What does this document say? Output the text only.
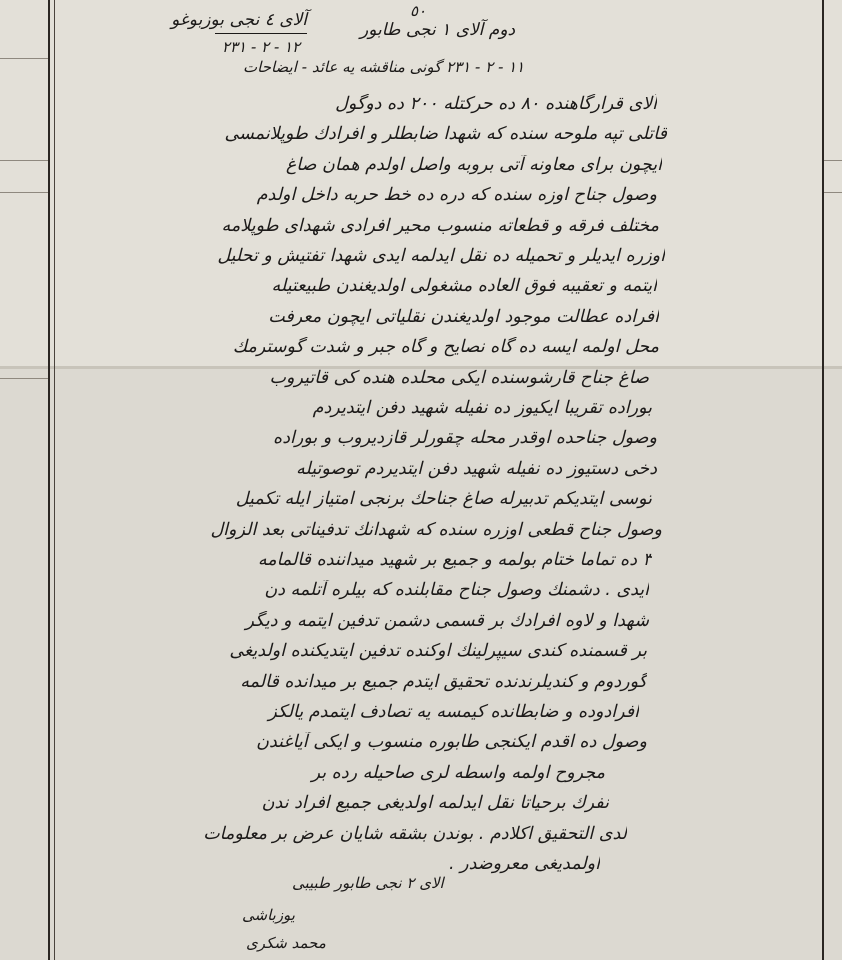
آلای ٤ نجی بوزبوغو
۲۳۱ - ۲ - ۱۲
٥٠
دوم آلای ١ نجی طابور
١١ - ٢ - ٢٣١ گونی مناقشه یه عائد - ایضاحات
آلای قرارگاهنده ۸۰ ده حرکتله ٢٠٠ ده دوگول
قاتلی تپه ملوحه سنده که شهدا ضابطلر و افرادك طوپلانمسی
ایچون برای معاونه آتی بروبه واصل اولدم همان صاغ
وصول جناح اوزه سنده که دره ده خط حربه داخل اولدم
مختلف فرقه و قطعاته منسوب محیر افرادی شهدای طوپلامه
اوزره ایدیلر و تحمیله ده نقل ایدلمه ایدی شهدا تفتیش و تحلیل
ایتمه و تعقیبه فوق العاده مشغولی اولدیغندن طبیعتیله
افراده عطالت موجود اولدیغندن نقلیاتی ایچون معرفت
محل اولمه ایسه ده گاه نصایح و گاه جبر و شدت گوسترمك
صاغ جناح قارشوسنده ایکی محلده هنده کی قاتیروب
بوراده تقریبا ایکیوز ده نفیله شهید دفن ایتدیردم
وصول جناحده اوقدر محله چقورلر قازدیروب و بوراده
دخی دستیوز ده نفیله شهید دفن ایتدیردم توصوتیله
توسی ایتدیکم تدبیرله صاغ جناحك برنجی امتیاز ایله تکمیل
وصول جناح قطعی اوزره سنده که شهدانك تدفیناتی بعد الزوال
۳ ده تماما ختام بولمه و جمیع بر شهید میداننده قالمامه
ایدی . دشمنك وصول جناح مقابلنده که بیلره آتلمه دن
شهدا و لاوه افرادك بر قسمی دشمن تدفین ایتمه و دیگر
بر قسمنده کندی سیپرلینك اوکنده تدفین ایتدیکنده اولدیغی
گوردوم و کندیلرندنده تحقیق ایتدم جمیع بر میدانده قالمه
افرادوده و ضابطانده کیمسه یه تصادف ایتمدم یالکز
وصول ده اقدم ایکنجی طابوره منسوب و ایکی آیاغندن
مجروح اولمه واسطه لری صاحیله رده بر
نفرك برحیاتا نقل ایدلمه اولدیغی جمیع افراد ندن
لدی التحقیق اکلادم . بوندن بشقه شایان عرض بر معلومات
اولمدیغی معروضدر .
الای ٢ نجی طابور طبیبی
یوزباشی
محمد شکری
